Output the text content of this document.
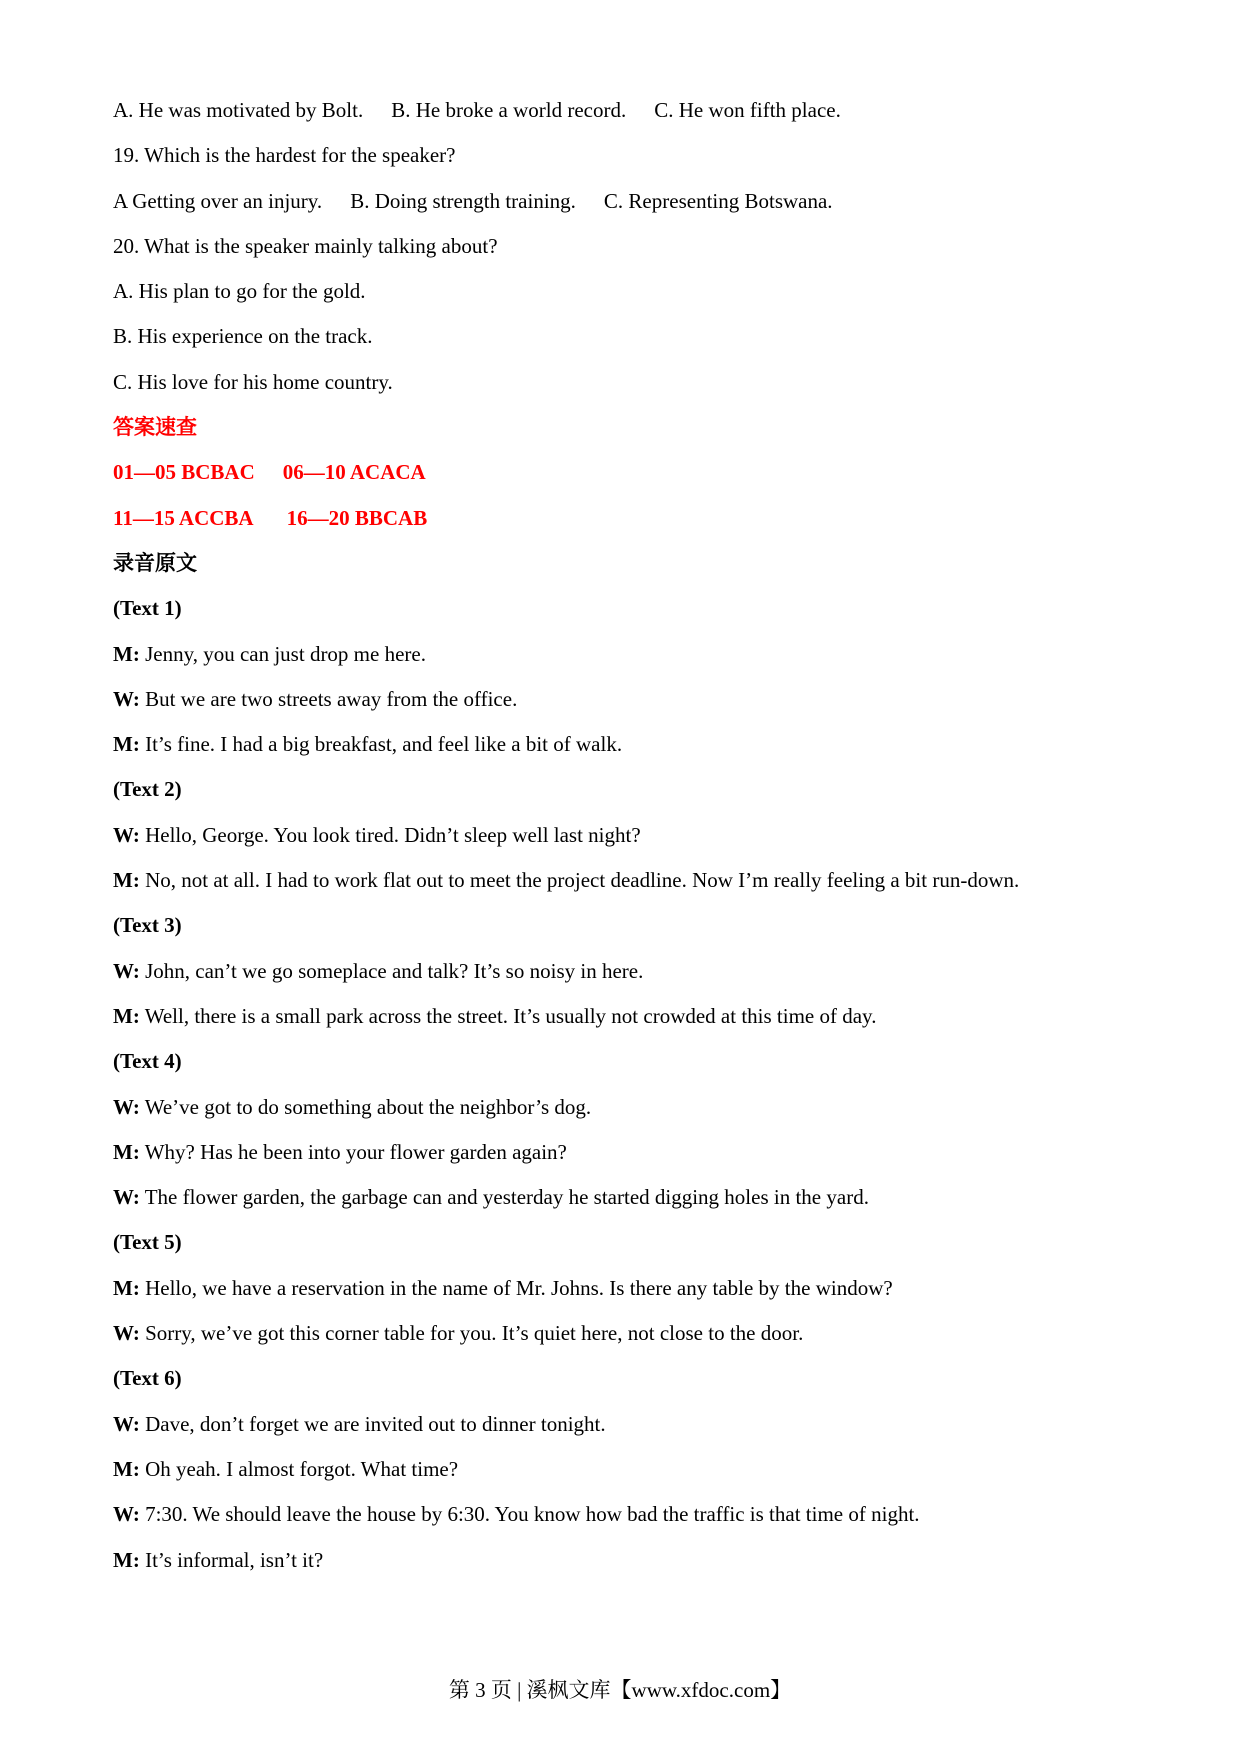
A. He was motivated by Bolt. B. He broke a world record. C. He won fifth place.
19. Which is the hardest for the speaker?
A Getting over an injury. B. Doing strength training. C. Representing Botswana.
20. What is the speaker mainly talking about?
A. His plan to go for the gold.
B. His experience on the track.
C. His love for his home country.
答案速查
01—05 BCBAC 06—10 ACACA
11—15 ACCBA 16—20 BBCAB
录音原文
(Text 1)
M: Jenny, you can just drop me here.
W: But we are two streets away from the office.
M: It’s fine. I had a big breakfast, and feel like a bit of walk.
(Text 2)
W: Hello, George. You look tired. Didn’t sleep well last night?
M: No, not at all. I had to work flat out to meet the project deadline. Now I’m really feeling a bit run-down.
(Text 3)
W: John, can’t we go someplace and talk? It’s so noisy in here.
M: Well, there is a small park across the street. It’s usually not crowded at this time of day.
(Text 4)
W: We’ve got to do something about the neighbor’s dog.
M: Why? Has he been into your flower garden again?
W: The flower garden, the garbage can and yesterday he started digging holes in the yard.
(Text 5)
M: Hello, we have a reservation in the name of Mr. Johns. Is there any table by the window?
W: Sorry, we’ve got this corner table for you. It’s quiet here, not close to the door.
(Text 6)
W: Dave, don’t forget we are invited out to dinner tonight.
M: Oh yeah. I almost forgot. What time?
W: 7:30. We should leave the house by 6:30. You know how bad the traffic is that time of night.
M: It’s informal, isn’t it?
第 3 页 | 溪枫文库【www.xfdoc.com】
